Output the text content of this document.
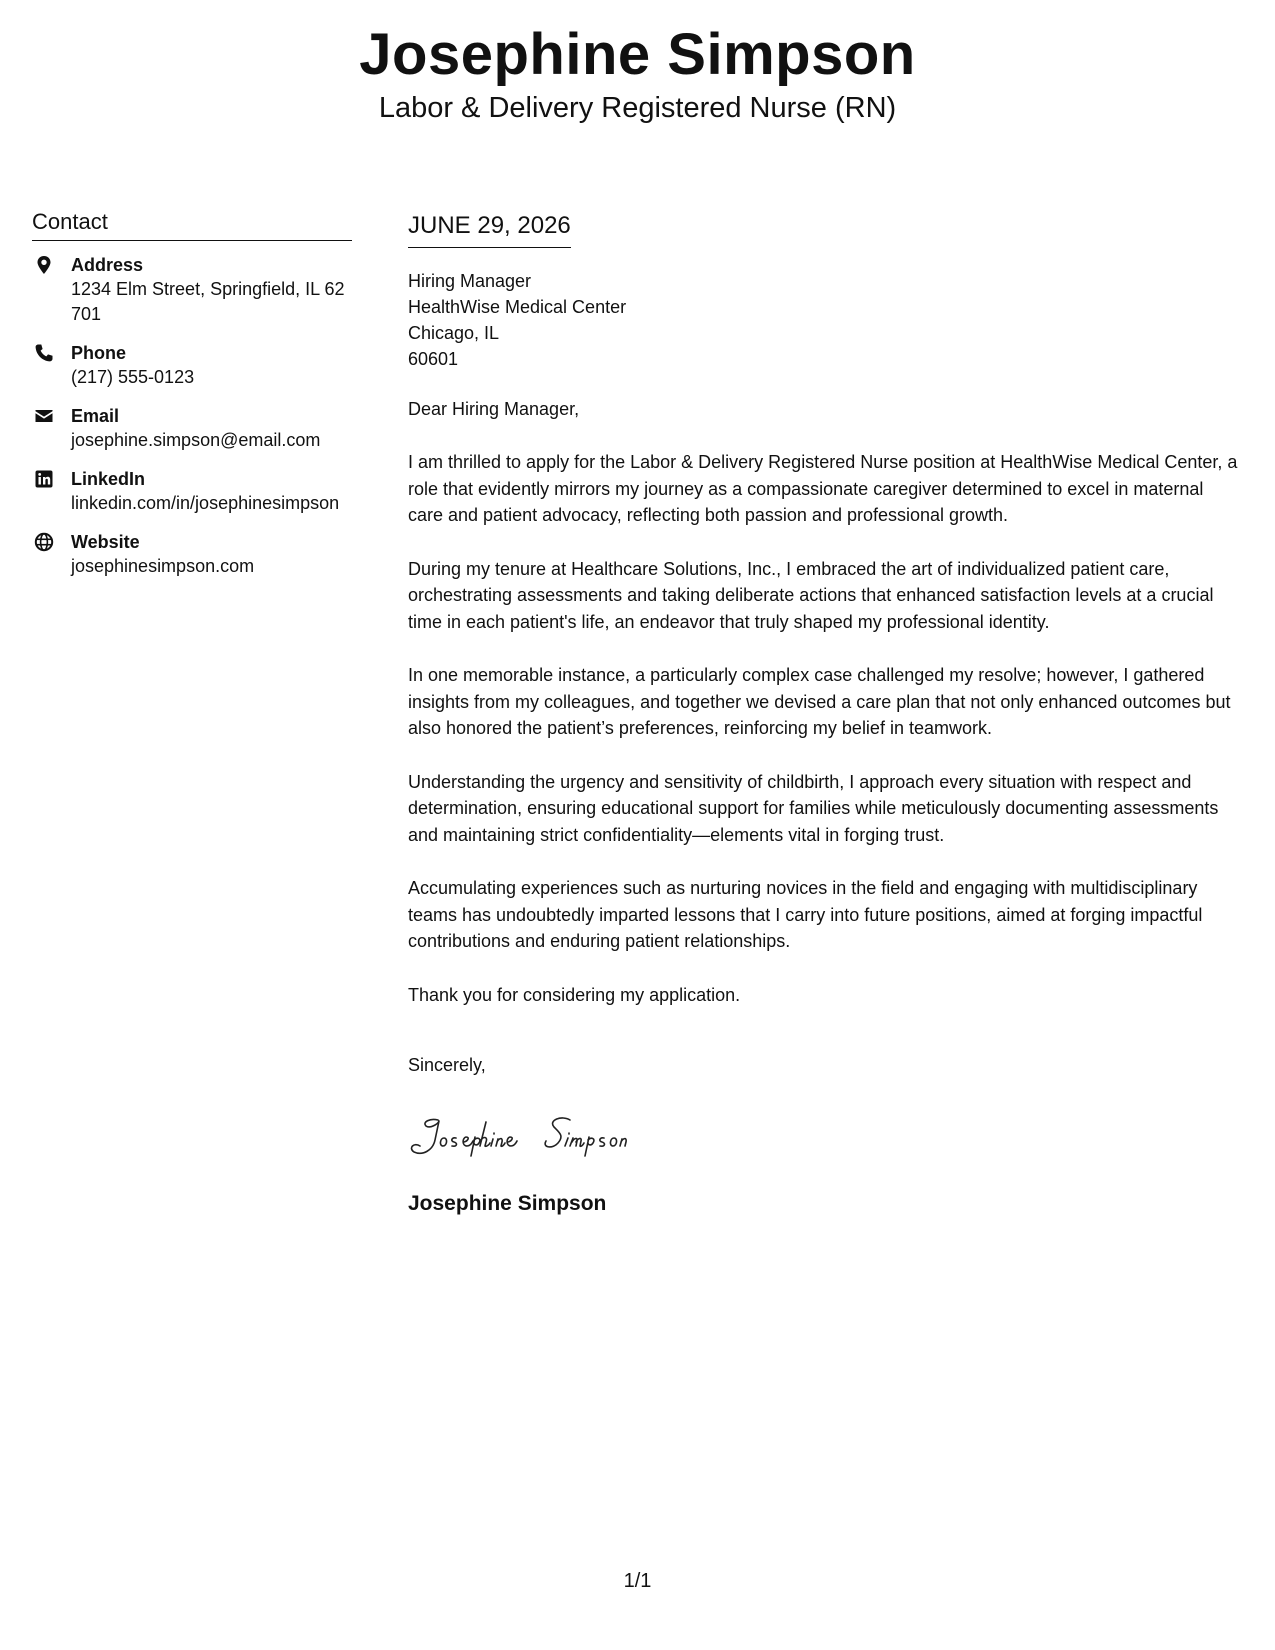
Josephine Simpson
Labor & Delivery Registered Nurse (RN)
Contact
Address
1234 Elm Street, Springfield, IL 62701
Phone
(217) 555-0123
Email
josephine.simpson@email.com
LinkedIn
linkedin.com/in/josephinesimpson
Website
josephinesimpson.com
JUNE 29, 2026
Hiring Manager
HealthWise Medical Center
Chicago, IL
60601
Dear Hiring Manager,
I am thrilled to apply for the Labor & Delivery Registered Nurse position at HealthWise Medical Center, a role that evidently mirrors my journey as a compassionate caregiver determined to excel in maternal care and patient advocacy, reflecting both passion and professional growth.
During my tenure at Healthcare Solutions, Inc., I embraced the art of individualized patient care, orchestrating assessments and taking deliberate actions that enhanced satisfaction levels at a crucial time in each patient's life, an endeavor that truly shaped my professional identity.
In one memorable instance, a particularly complex case challenged my resolve; however, I gathered insights from my colleagues, and together we devised a care plan that not only enhanced outcomes but also honored the patient’s preferences, reinforcing my belief in teamwork.
Understanding the urgency and sensitivity of childbirth, I approach every situation with respect and determination, ensuring educational support for families while meticulously documenting assessments and maintaining strict confidentiality—elements vital in forging trust.
Accumulating experiences such as nurturing novices in the field and engaging with multidisciplinary teams has undoubtedly imparted lessons that I carry into future positions, aimed at forging impactful contributions and enduring patient relationships.
Thank you for considering my application.
Sincerely,
Josephine Simpson
1/1
